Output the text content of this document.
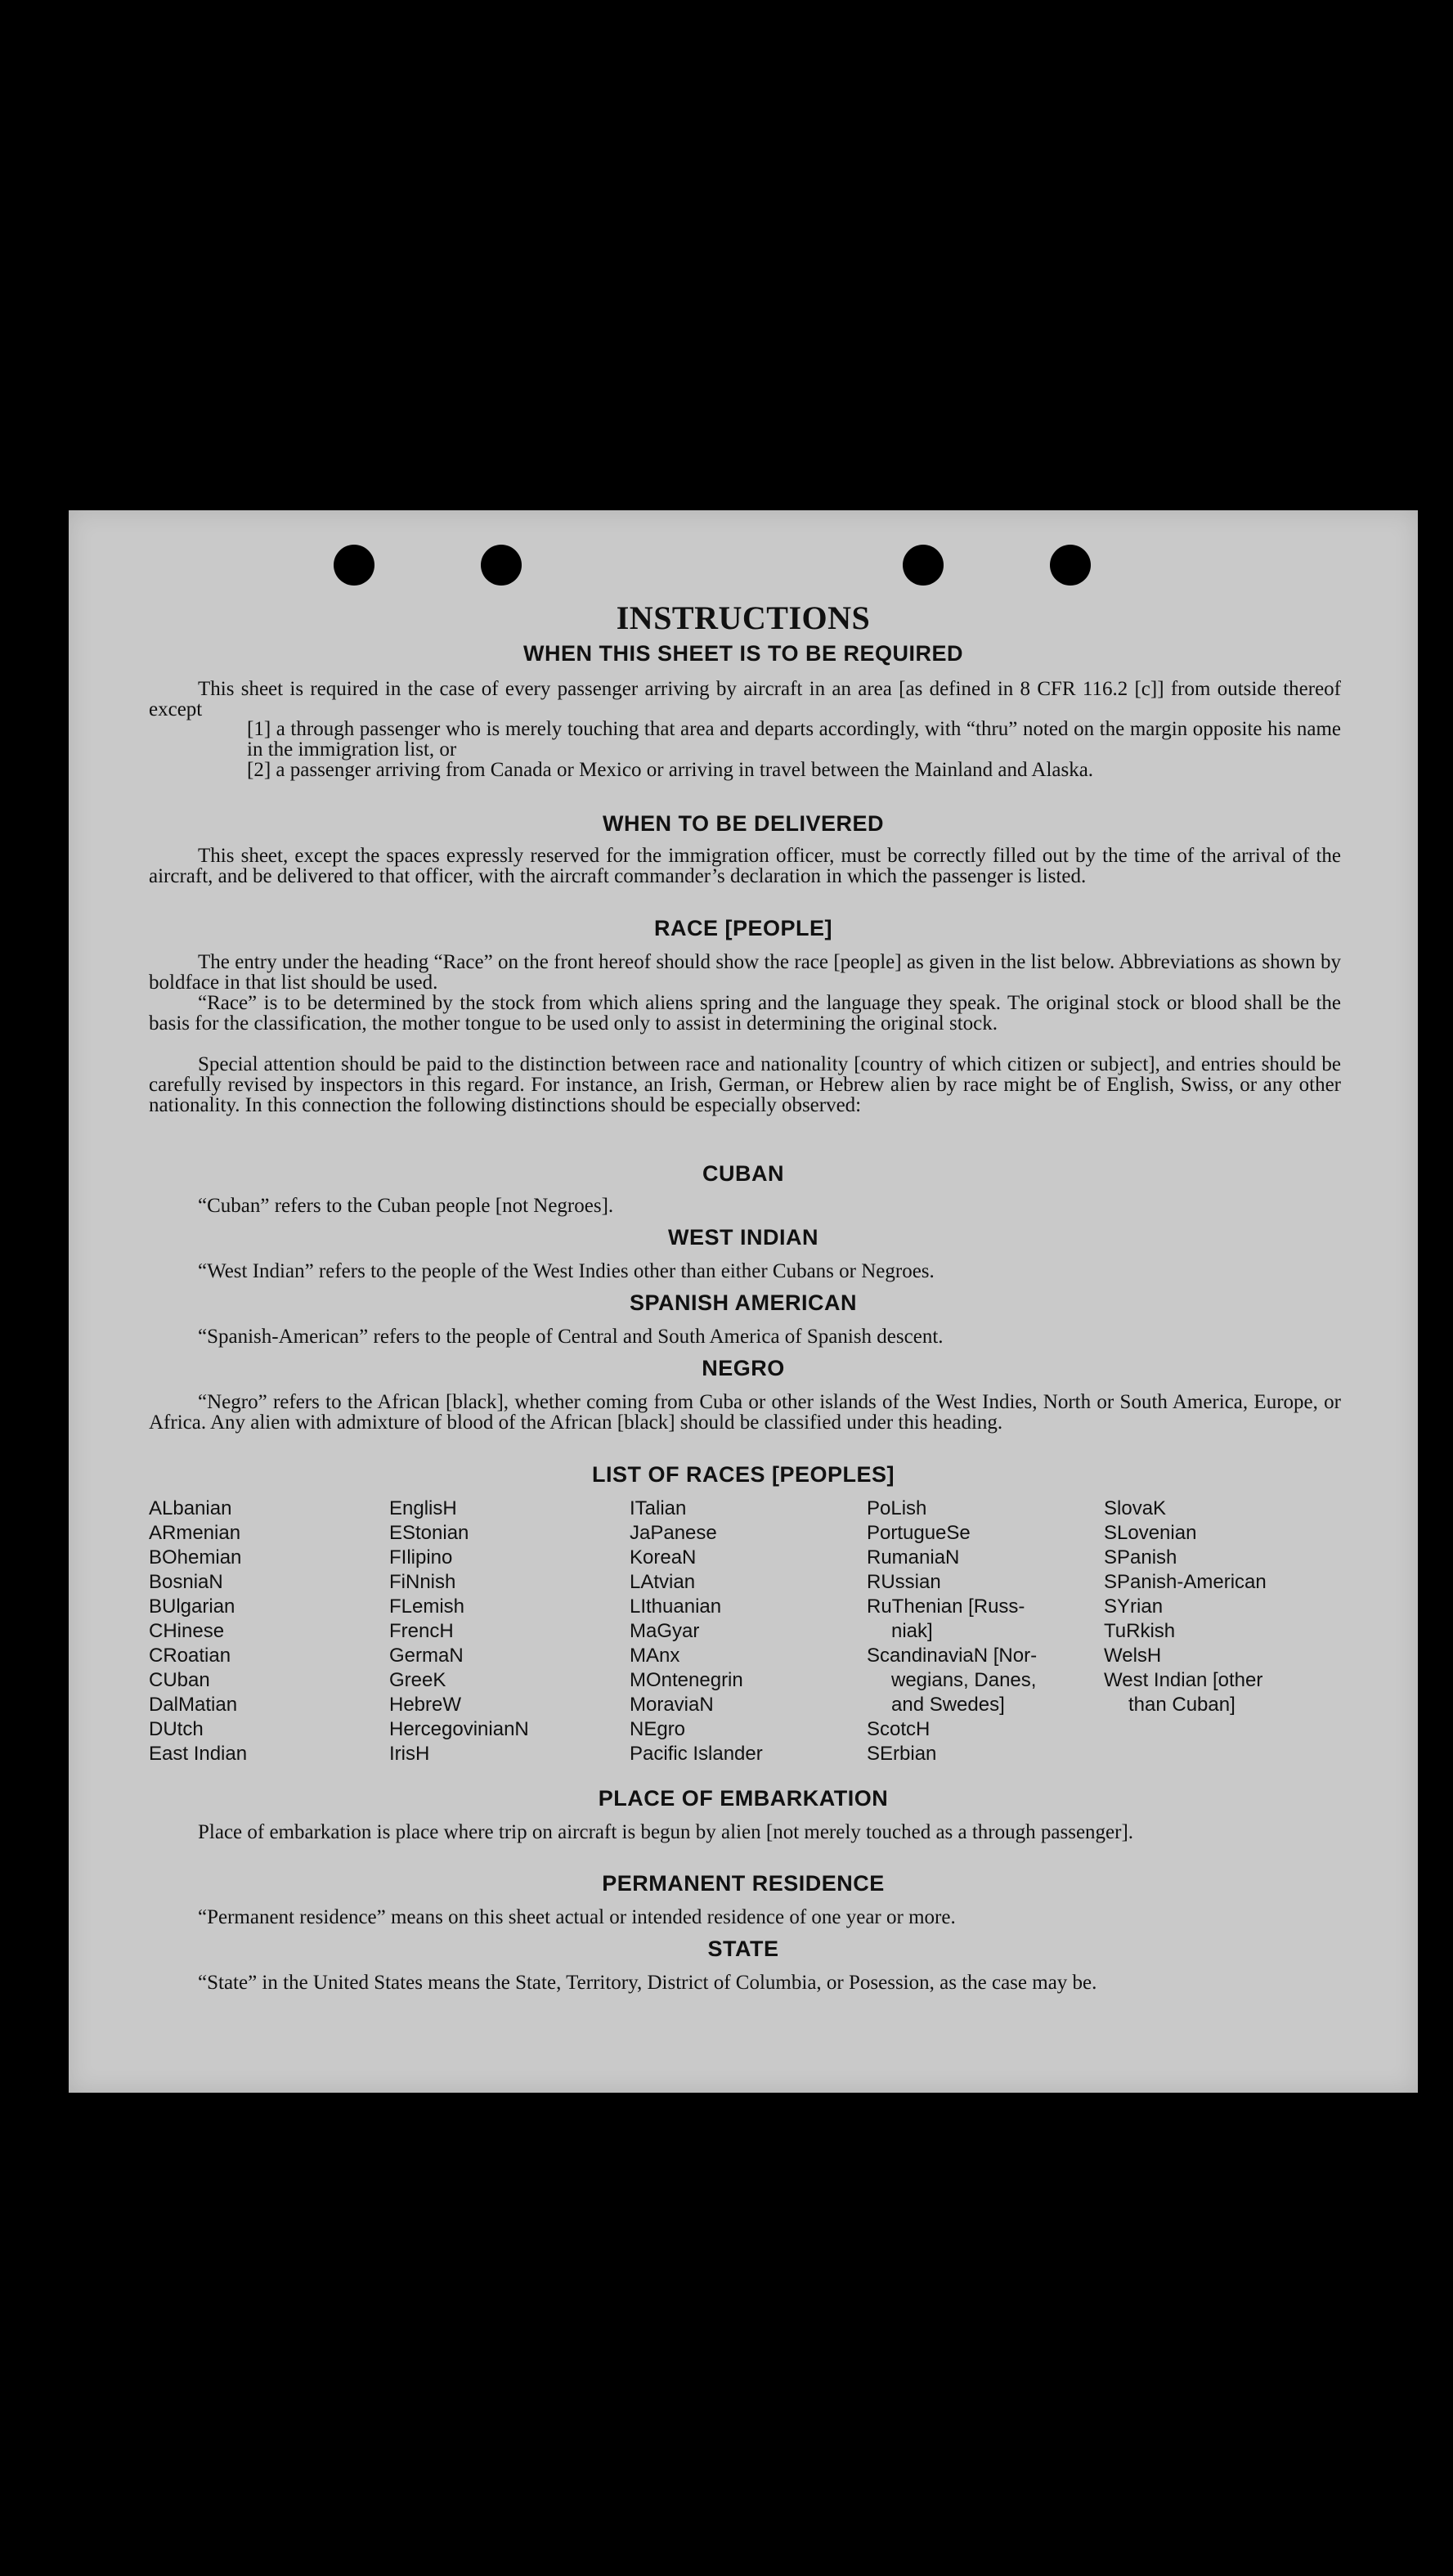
INSTRUCTIONS
WHEN THIS SHEET IS TO BE REQUIRED
This sheet is required in the case of every passenger arriving by aircraft in an area [as defined in 8 CFR 116.2 [c]] from outside thereof except
[1] a through passenger who is merely touching that area and departs accordingly, with “thru” noted on the margin opposite his name in the immigration list, or
[2] a passenger arriving from Canada or Mexico or arriving in travel between the Mainland and Alaska.
WHEN TO BE DELIVERED
This sheet, except the spaces expressly reserved for the immigration officer, must be correctly filled out by the time of the arrival of the aircraft, and be delivered to that officer, with the aircraft commander’s declaration in which the passenger is listed.
RACE [PEOPLE]
The entry under the heading “Race” on the front hereof should show the race [people] as given in the list below. Abbreviations as shown by boldface in that list should be used.
“Race” is to be determined by the stock from which aliens spring and the language they speak. The original stock or blood shall be the basis for the classification, the mother tongue to be used only to assist in determining the original stock.
Special attention should be paid to the distinction between race and nationality [country of which citizen or subject], and entries should be carefully revised by inspectors in this regard. For instance, an Irish, German, or Hebrew alien by race might be of English, Swiss, or any other nationality. In this connection the following distinctions should be especially observed:
CUBAN
“Cuban” refers to the Cuban people [not Negroes].
WEST INDIAN
“West Indian” refers to the people of the West Indies other than either Cubans or Negroes.
SPANISH AMERICAN
“Spanish-American” refers to the people of Central and South America of Spanish descent.
NEGRO
“Negro” refers to the African [black], whether coming from Cuba or other islands of the West Indies, North or South America, Europe, or Africa. Any alien with admixture of blood of the African [black] should be classified under this heading.
LIST OF RACES [PEOPLES]
ALbanian
ARmenian
BOhemian
BosniaN
BUlgarian
CHinese
CRoatian
CUban
DalMatian
DUtch
East Indian
EnglisH
EStonian
FIlipino
FiNnish
FLemish
FrencH
GermaN
GreeK
HebreW
HercegovinianN
IrisH
ITalian
JaPanese
KoreaN
LAtvian
LIthuanian
MaGyar
MAnx
MOntenegrin
MoraviaN
NEgro
Pacific Islander
PoLish
PortugueSe
RumaniaN
RUssian
RuThenian [Russ-
niak]
ScandinaviaN [Nor-
wegians, Danes,
and Swedes]
ScotcH
SErbian
SlovaK
SLovenian
SPanish
SPanish-American
SYrian
TuRkish
WelsH
West Indian [other
than Cuban]
PLACE OF EMBARKATION
Place of embarkation is place where trip on aircraft is begun by alien [not merely touched as a through passenger].
PERMANENT RESIDENCE
“Permanent residence” means on this sheet actual or intended residence of one year or more.
STATE
“State” in the United States means the State, Territory, District of Columbia, or Posession, as the case may be.
